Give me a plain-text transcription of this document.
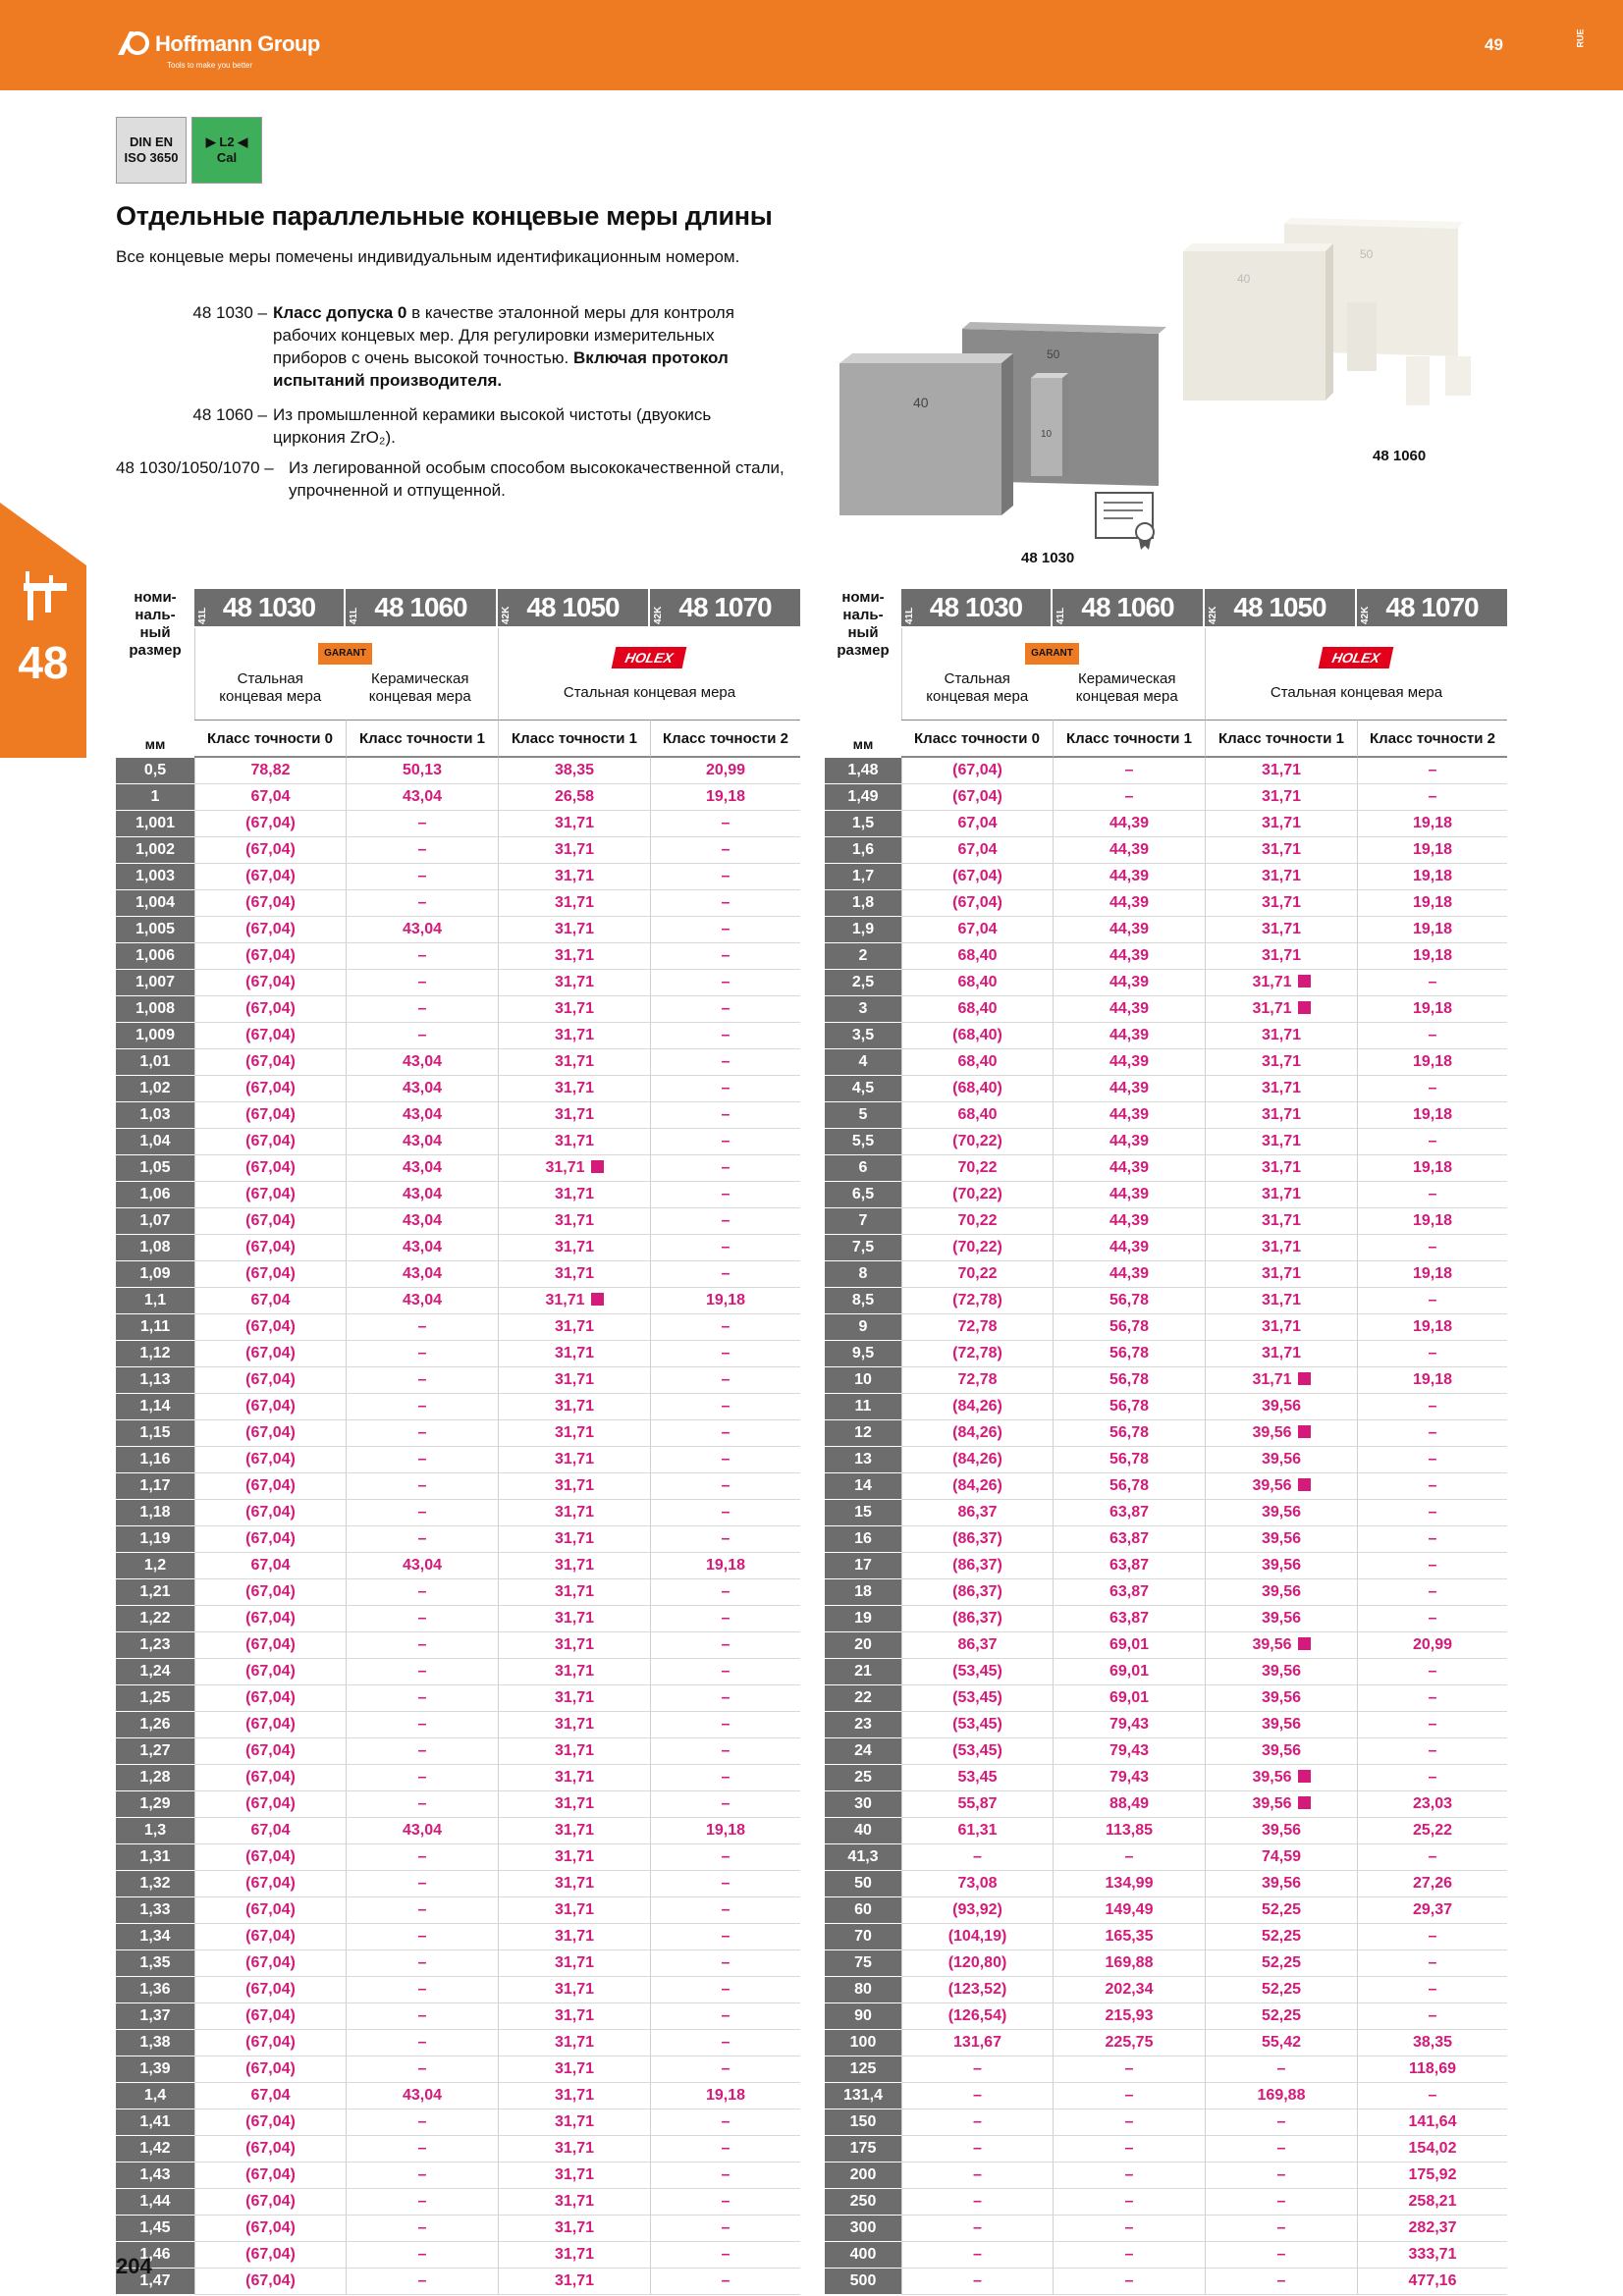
Hoffmann Group
Tools to make you better
49	RUE
48
DIN EN
ISO 3650
▶ L2 ◀
Cal
Отдельные параллельные концевые меры длины
Все концевые меры помечены индивидуальным идентификационным номером.
48 1030 – Класс допуска 0 в качестве эталонной меры для контроля рабочих концевых мер. Для регулировки измерительных приборов с очень высокой точностью. Включая протокол испытаний производителя.
48 1060 – Из промышленной керамики высокой чистоты (двуокись циркония ZrO₂).
48 1030/1050/1070 – Из легированной особым способом высококачественной стали, упрочненной и отпущенной.
40
50
10
48 1030
40
50
48 1060
номи-
наль-
ный
размер
мм
41L 48 1030	41L 48 1060	42K 48 1050	42K 48 1070
GARANT
Стальная
концевая мера
Керамическая
концевая мера
HOLEX
Стальная концевая мера
Класс точности 0	Класс точности 1	Класс точности 1	Класс точности 2
номи-
наль-
ный
размер
мм
41L 48 1030	41L 48 1060	42K 48 1050	42K 48 1070
GARANT
Стальная
концевая мера
Керамическая
концевая мера
HOLEX
Стальная концевая мера
Класс точности 0	Класс точности 1	Класс точности 1	Класс точности 2
0,5	78,82	50,13	38,35	20,99
1	67,04	43,04	26,58	19,18
1,001	(67,04)	–	31,71	–
1,002	(67,04)	–	31,71	–
1,003	(67,04)	–	31,71	–
1,004	(67,04)	–	31,71	–
1,005	(67,04)	43,04	31,71	–
1,006	(67,04)	–	31,71	–
1,007	(67,04)	–	31,71	–
1,008	(67,04)	–	31,71	–
1,009	(67,04)	–	31,71	–
1,01	(67,04)	43,04	31,71	–
1,02	(67,04)	43,04	31,71	–
1,03	(67,04)	43,04	31,71	–
1,04	(67,04)	43,04	31,71	–
1,05	(67,04)	43,04	31,71	–
1,06	(67,04)	43,04	31,71	–
1,07	(67,04)	43,04	31,71	–
1,08	(67,04)	43,04	31,71	–
1,09	(67,04)	43,04	31,71	–
1,1	67,04	43,04	31,71	19,18
1,11	(67,04)	–	31,71	–
1,12	(67,04)	–	31,71	–
1,13	(67,04)	–	31,71	–
1,14	(67,04)	–	31,71	–
1,15	(67,04)	–	31,71	–
1,16	(67,04)	–	31,71	–
1,17	(67,04)	–	31,71	–
1,18	(67,04)	–	31,71	–
1,19	(67,04)	–	31,71	–
1,2	67,04	43,04	31,71	19,18
1,21	(67,04)	–	31,71	–
1,22	(67,04)	–	31,71	–
1,23	(67,04)	–	31,71	–
1,24	(67,04)	–	31,71	–
1,25	(67,04)	–	31,71	–
1,26	(67,04)	–	31,71	–
1,27	(67,04)	–	31,71	–
1,28	(67,04)	–	31,71	–
1,29	(67,04)	–	31,71	–
1,3	67,04	43,04	31,71	19,18
1,31	(67,04)	–	31,71	–
1,32	(67,04)	–	31,71	–
1,33	(67,04)	–	31,71	–
1,34	(67,04)	–	31,71	–
1,35	(67,04)	–	31,71	–
1,36	(67,04)	–	31,71	–
1,37	(67,04)	–	31,71	–
1,38	(67,04)	–	31,71	–
1,39	(67,04)	–	31,71	–
1,4	67,04	43,04	31,71	19,18
1,41	(67,04)	–	31,71	–
1,42	(67,04)	–	31,71	–
1,43	(67,04)	–	31,71	–
1,44	(67,04)	–	31,71	–
1,45	(67,04)	–	31,71	–
1,46	(67,04)	–	31,71	–
1,47	(67,04)	–	31,71	–
1,48	(67,04)	–	31,71	–
1,49	(67,04)	–	31,71	–
1,5	67,04	44,39	31,71	19,18
1,6	67,04	44,39	31,71	19,18
1,7	(67,04)	44,39	31,71	19,18
1,8	(67,04)	44,39	31,71	19,18
1,9	67,04	44,39	31,71	19,18
2	68,40	44,39	31,71	19,18
2,5	68,40	44,39	31,71	–
3	68,40	44,39	31,71	19,18
3,5	(68,40)	44,39	31,71	–
4	68,40	44,39	31,71	19,18
4,5	(68,40)	44,39	31,71	–
5	68,40	44,39	31,71	19,18
5,5	(70,22)	44,39	31,71	–
6	70,22	44,39	31,71	19,18
6,5	(70,22)	44,39	31,71	–
7	70,22	44,39	31,71	19,18
7,5	(70,22)	44,39	31,71	–
8	70,22	44,39	31,71	19,18
8,5	(72,78)	56,78	31,71	–
9	72,78	56,78	31,71	19,18
9,5	(72,78)	56,78	31,71	–
10	72,78	56,78	31,71	19,18
11	(84,26)	56,78	39,56	–
12	(84,26)	56,78	39,56	–
13	(84,26)	56,78	39,56	–
14	(84,26)	56,78	39,56	–
15	86,37	63,87	39,56	–
16	(86,37)	63,87	39,56	–
17	(86,37)	63,87	39,56	–
18	(86,37)	63,87	39,56	–
19	(86,37)	63,87	39,56	–
20	86,37	69,01	39,56	20,99
21	(53,45)	69,01	39,56	–
22	(53,45)	69,01	39,56	–
23	(53,45)	79,43	39,56	–
24	(53,45)	79,43	39,56	–
25	53,45	79,43	39,56	–
30	55,87	88,49	39,56	23,03
40	61,31	113,85	39,56	25,22
41,3	–	–	74,59	–
50	73,08	134,99	39,56	27,26
60	(93,92)	149,49	52,25	29,37
70	(104,19)	165,35	52,25	–
75	(120,80)	169,88	52,25	–
80	(123,52)	202,34	52,25	–
90	(126,54)	215,93	52,25	–
100	131,67	225,75	55,42	38,35
125	–	–	–	118,69
131,4	–	–	169,88	–
150	–	–	–	141,64
175	–	–	–	154,02
200	–	–	–	175,92
250	–	–	–	258,21
300	–	–	–	282,37
400	–	–	–	333,71
500	–	–	–	477,16
204
